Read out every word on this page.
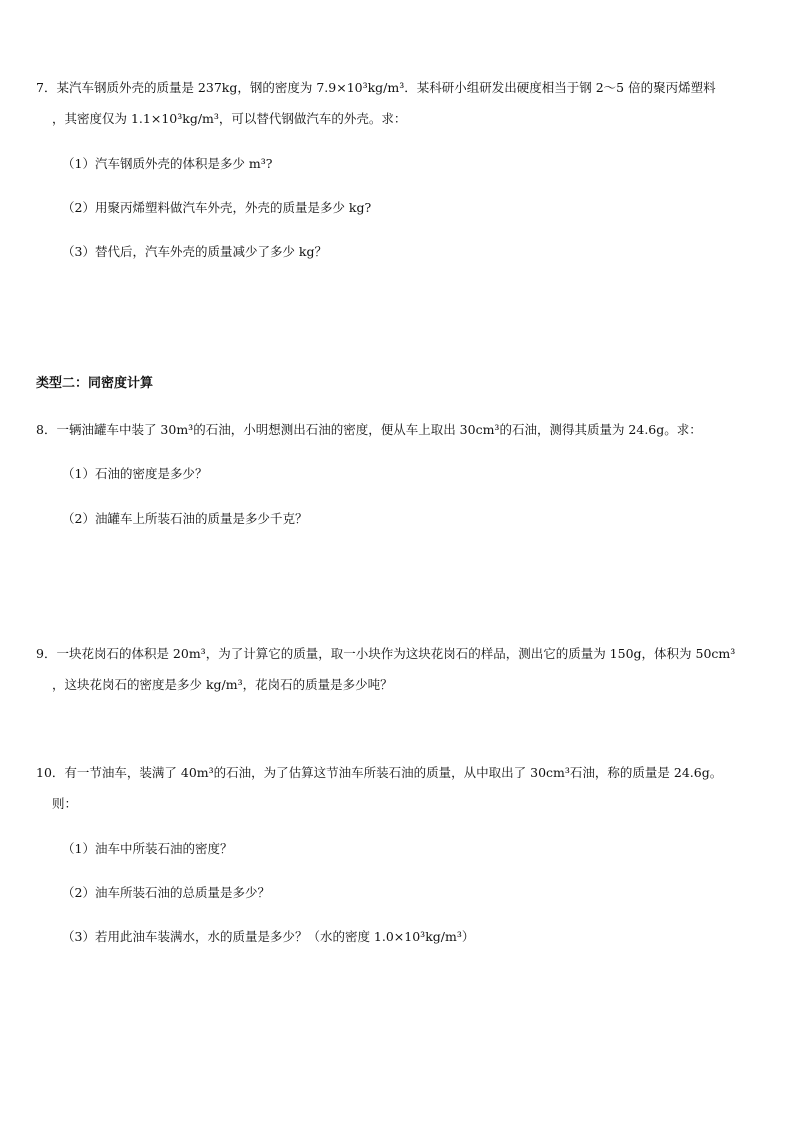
7．某汽车钢质外壳的质量是 237kg，钢的密度为 7.9×10³kg/m³．某科研小组研发出硬度相当于钢 2～5 倍的聚丙烯塑料
，其密度仅为 1.1×10³kg/m³，可以替代钢做汽车的外壳。求：
（1）汽车钢质外壳的体积是多少 m³?
（2）用聚丙烯塑料做汽车外壳，外壳的质量是多少 kg?
（3）替代后，汽车外壳的质量减少了多少 kg？
类型二：同密度计算
8．一辆油罐车中装了 30m³的石油，小明想测出石油的密度，便从车上取出 30cm³的石油，测得其质量为 24.6g。求：
（1）石油的密度是多少？
（2）油罐车上所装石油的质量是多少千克？
9．一块花岗石的体积是 20m³，为了计算它的质量，取一小块作为这块花岗石的样品，测出它的质量为 150g，体积为 50cm³
，这块花岗石的密度是多少 kg/m³，花岗石的质量是多少吨？
10．有一节油车，装满了 40m³的石油，为了估算这节油车所装石油的质量，从中取出了 30cm³石油，称的质量是 24.6g。
则：
（1）油车中所装石油的密度？
（2）油车所装石油的总质量是多少？
（3）若用此油车装满水，水的质量是多少？（水的密度 1.0×10³kg/m³）
